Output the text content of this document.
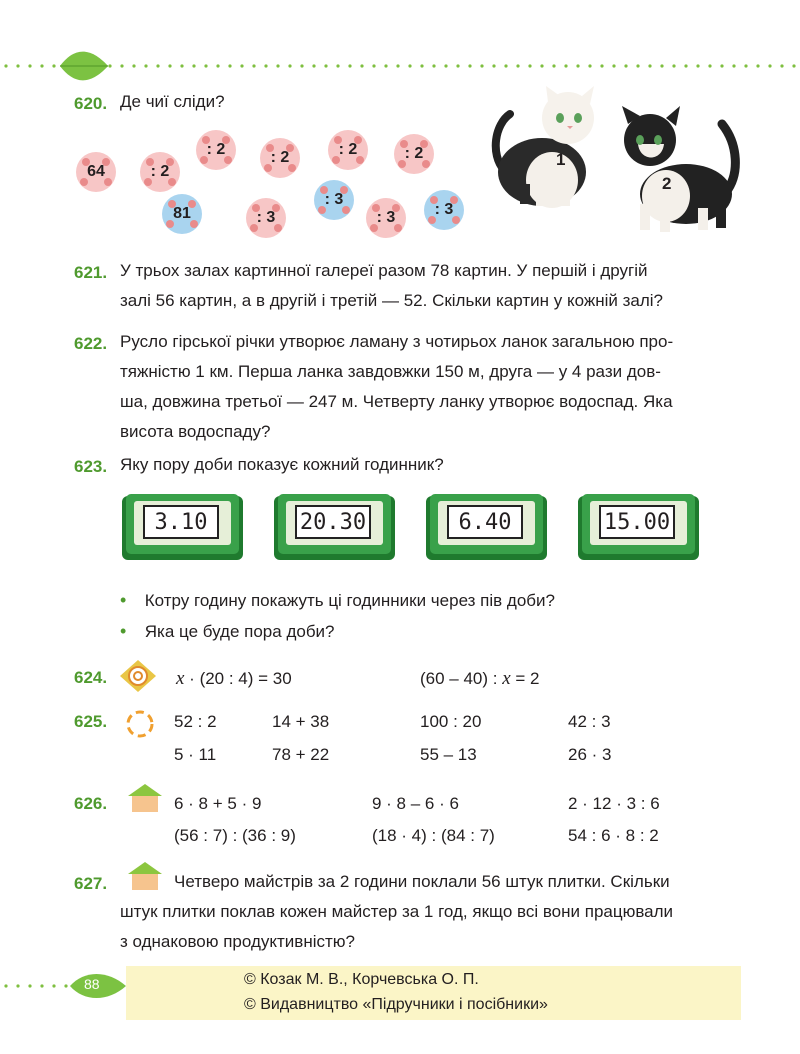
620. Де чиї сліди?
64	: 2
: 2	: 2	: 2	: 2
81	: 3
: 3
: 3 : 3
1
2
621. У трьох залах картинної галереї разом 78 картин. У першій і другій
залі 56 картин, а в другій і третій — 52. Скільки картин у кожній залі?
622. Русло гірської річки утворює ламану з чотирьох ланок загальною про-
тяжністю 1 км. Перша ланка завдовжки 150 м, друга — у 4 рази дов-
ша, довжина третьої — 247 м. Четверту ланку утворює водоспад. Яка
висота водоспаду?
623. Яку пору доби показує кожний годинник?
3.10	20.30	6.40	15.00
• Котру годину покажуть ці годинники через пів доби?
• Яка це буде пора доби?
624.	x · (20 : 4) = 30	(60 – 40) : x = 2
625.	52 : 2	14 + 38	100 : 20	42 : 3
5 · 11	78 + 22	55 – 13	26 · 3
626.	6 · 8 + 5 · 9	9 · 8 – 6 · 6	2 · 12 · 3 : 6
(56 : 7) : (36 : 9)	(18 · 4) : (84 : 7)	54 : 6 · 8 : 2
627.	Четверо майстрів за 2 години поклали 56 штук плитки. Скільки
штук плитки поклав кожен майстер за 1 год, якщо всі вони працювали
з однаковою продуктивністю?
88	© Козак М. В., Корчевська О. П.
© Видавництво «Підручники і посібники»
